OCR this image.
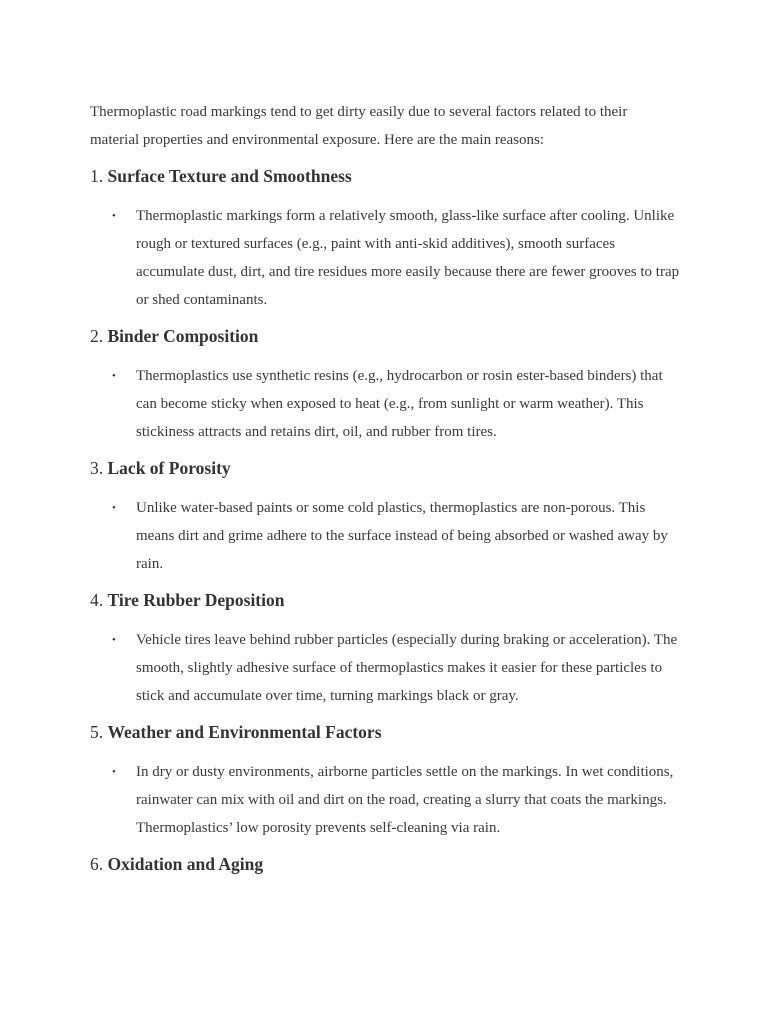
Thermoplastic road markings tend to get dirty easily due to several factors related to their material properties and environmental exposure. Here are the main reasons:

1. Surface Texture and Smoothness
• Thermoplastic markings form a relatively smooth, glass-like surface after cooling. Unlike rough or textured surfaces (e.g., paint with anti-skid additives), smooth surfaces accumulate dust, dirt, and tire residues more easily because there are fewer grooves to trap or shed contaminants.
2. Binder Composition
• Thermoplastics use synthetic resins (e.g., hydrocarbon or rosin ester-based binders) that can become sticky when exposed to heat (e.g., from sunlight or warm weather). This stickiness attracts and retains dirt, oil, and rubber from tires.
3. Lack of Porosity
• Unlike water-based paints or some cold plastics, thermoplastics are non-porous. This means dirt and grime adhere to the surface instead of being absorbed or washed away by rain.
4. Tire Rubber Deposition
• Vehicle tires leave behind rubber particles (especially during braking or acceleration). The smooth, slightly adhesive surface of thermoplastics makes it easier for these particles to stick and accumulate over time, turning markings black or gray.
5. Weather and Environmental Factors
• In dry or dusty environments, airborne particles settle on the markings. In wet conditions, rainwater can mix with oil and dirt on the road, creating a slurry that coats the markings. Thermoplastics’ low porosity prevents self-cleaning via rain.
6. Oxidation and Aging
